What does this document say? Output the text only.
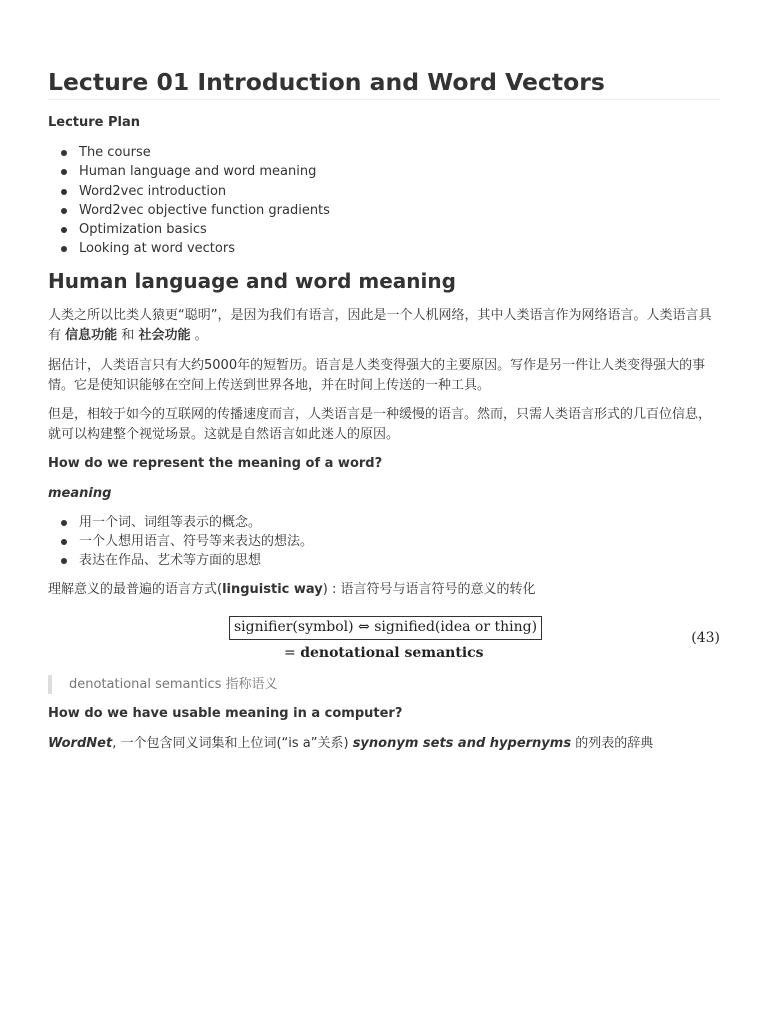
Lecture 01 Introduction and Word Vectors

Lecture Plan

The course
Human language and word meaning
Word2vec introduction
Word2vec objective function gradients
Optimization basics
Looking at word vectors
Human language and word meaning

人类之所以比类人猿更“聪明”，是因为我们有语言，因此是一个人机网络，其中人类语言作为网络语言。人类语言具有 信息功能 和 社会功能 。

据估计，人类语言只有大约5000年的短暂历。语言是人类变得强大的主要原因。写作是另一件让人类变得强大的事情。它是使知识能够在空间上传送到世界各地，并在时间上传送的一种工具。

但是，相较于如今的互联网的传播速度而言，人类语言是一种缓慢的语言。然而，只需人类语言形式的几百位信息，就可以构建整个视觉场景。这就是自然语言如此迷人的原因。

How do we represent the meaning of a word?

meaning

用一个词、词组等表示的概念。
一个人想用语言、符号等来表达的想法。
表达在作品、艺术等方面的思想

理解意义的最普遍的语言方式(linguistic way) : 语言符号与语言符号的意义的转化

signifier(symbol) ⇔ signified(idea or thing)
= denotational semantics
(43)
denotational semantics 指称语义

How do we have usable meaning in a computer?

WordNet, 一个包含同义词集和上位词(“is a”关系) synonym sets and hypernyms 的列表的辞典
